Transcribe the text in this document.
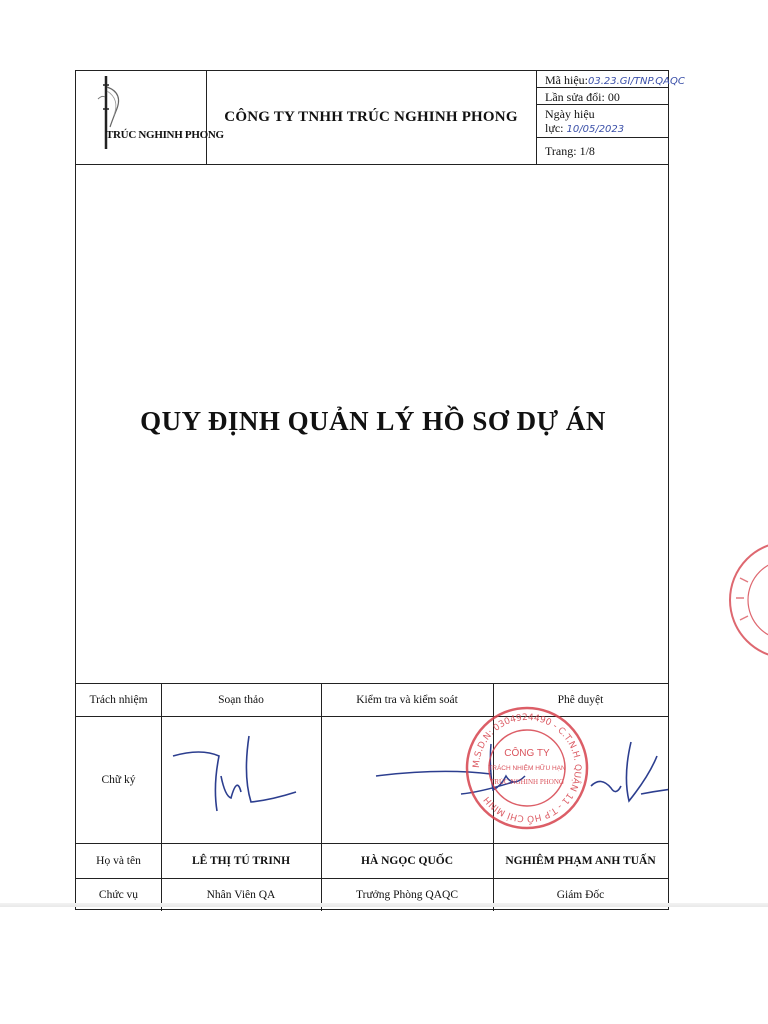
TRÚC NGHINH PHONG
CÔNG TY TNHH TRÚC NGHINH PHONG
Mã hiệu:03.23.GI/TNP.QAQC
Lần sửa đổi: 00
Ngày hiệu
lực: 10/05/2023
Trang: 1/8
QUY ĐỊNH QUẢN LÝ HỒ SƠ DỰ ÁN
Trách nhiệm	Soạn thảo	Kiểm tra và kiểm soát	Phê duyệt
Chữ ký
Họ và tên	LÊ THỊ TÚ TRINH	HÀ NGỌC QUỐC	NGHIÊM PHẠM ANH TUẤN
Chức vụ	Nhân Viên QA	Trưởng Phòng QAQC	Giám Đốc
M.S.D.N: 0304924490 - C.T.N.H. QUẬN 11 - T.P HỒ CHÍ MINH
CÔNG TY
TRÁCH NHIỆM HỮU HẠN
TRÚC NGHINH PHONG
